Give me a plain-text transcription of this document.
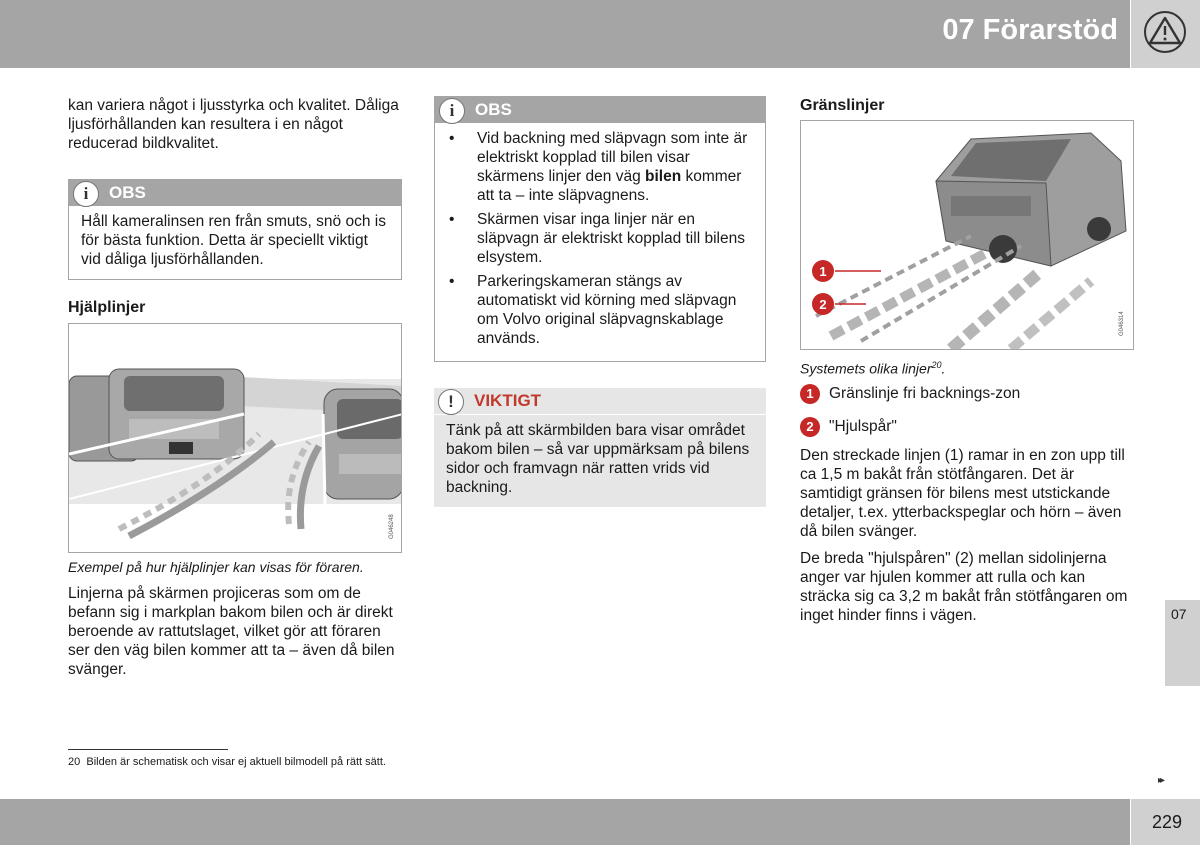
07 Förarstöd

kan variera något i ljusstyrka och kvalitet. Dåliga ljusförhållanden kan resultera i en något reducerad bildkvalitet.

i	OBS
Håll kameralinsen ren från smuts, snö och is för bästa funktion. Detta är speciellt viktigt vid dåliga ljusförhållanden.
Hjälplinjer
G046248

Exempel på hur hjälplinjer kan visas för föraren.

Linjerna på skärmen projiceras som om de befann sig i markplan bakom bilen och är direkt beroende av rattutslaget, vilket gör att föraren ser den väg bilen kommer att ta – även då bilen svänger.

i	OBS
• Vid backning med släpvagn som inte är elektriskt kopplad till bilen visar skärmens linjer den väg bilen kommer att ta – inte släpvagnens.
• Skärmen visar inga linjer när en släpvagn är elektriskt kopplad till bilens elsystem.
• Parkeringskameran stängs av automatiskt vid körning med släpvagn om Volvo original släpvagnskablage används.
!	VIKTIGT
Tänk på att skärmbilden bara visar området bakom bilen – så var uppmärksam på bilens sidor och framvagn när ratten vrids vid backning.
Gränslinjer
1
2
G046314

Systemets olika linjer$^{20}$.

1 Gränslinje fri backnings-zon
2 "Hjulspår"

Den streckade linjen (1) ramar in en zon upp till ca 1,5 m bakåt från stötfångaren. Det är samtidigt gränsen för bilens mest utstickande detaljer, t.ex. ytterbackspeglar och hörn – även då bilen svänger.

De breda "hjulspåren" (2) mellan sidolinjerna anger var hjulen kommer att rulla och kan sträcka sig ca 3,2 m bakåt från stötfångaren om inget hinder finns i vägen.	07
20 Bilden är schematisk och visar ej aktuell bilmodell på rätt sätt.
▸▸
229
